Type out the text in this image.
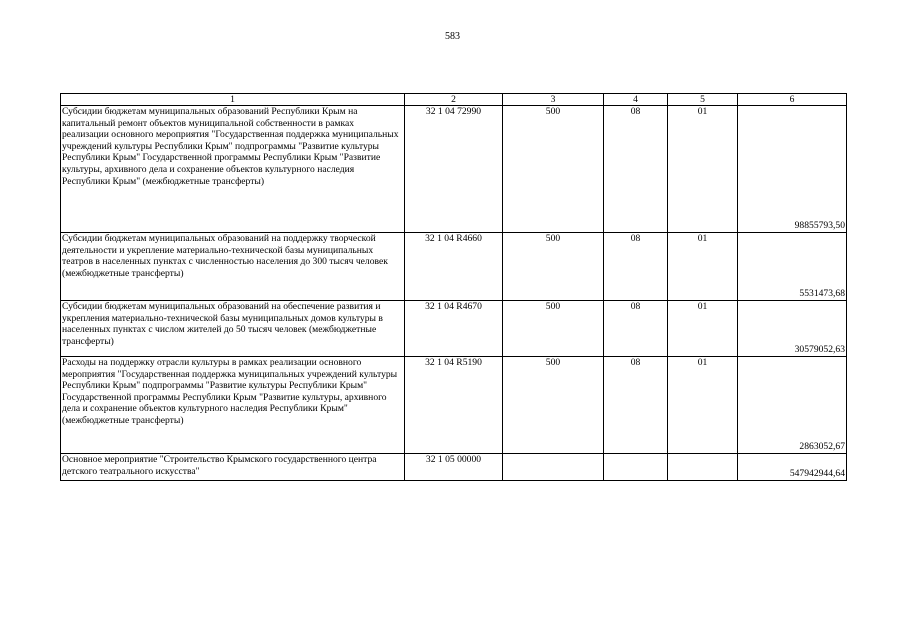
583
1	2	3	4	5	6
Субсидии бюджетам муниципальных образований Республики Крым на капитальный ремонт объектов муниципальной собственности в рамках реализации основного мероприятия "Государственная поддержка муниципальных учреждений культуры Республики Крым" подпрограммы "Развитие культуры Республики Крым" Государственной программы Республики Крым "Развитие культуры, архивного дела и сохранение объектов культурного наследия Республики Крым" (межбюджетные трансферты)	32 1 04 72990	500	08	01	98855793,50
Субсидии бюджетам муниципальных образований на поддержку творческой деятельности и укрепление материально-технической базы муниципальных театров в населенных пунктах с численностью населения до 300 тысяч человек (межбюджетные трансферты)	32 1 04 R4660	500	08	01	5531473,68
Субсидии бюджетам муниципальных образований на обеспечение развития и укрепления материально-технической базы муниципальных домов культуры в населенных пунктах с числом жителей до 50 тысяч человек (межбюджетные трансферты)	32 1 04 R4670	500	08	01	30579052,63
Расходы на поддержку отрасли культуры в рамках реализации основного мероприятия "Государственная поддержка муниципальных учреждений культуры Республики Крым" подпрограммы "Развитие культуры Республики Крым" Государственной программы Республики Крым "Развитие культуры, архивного дела и сохранение объектов культурного наследия Республики Крым" (межбюджетные трансферты)	32 1 04 R5190	500	08	01	2863052,67
Основное мероприятие "Строительство Крымского государственного центра детского театрального искусства"	32 1 05 00000				547942944,64
